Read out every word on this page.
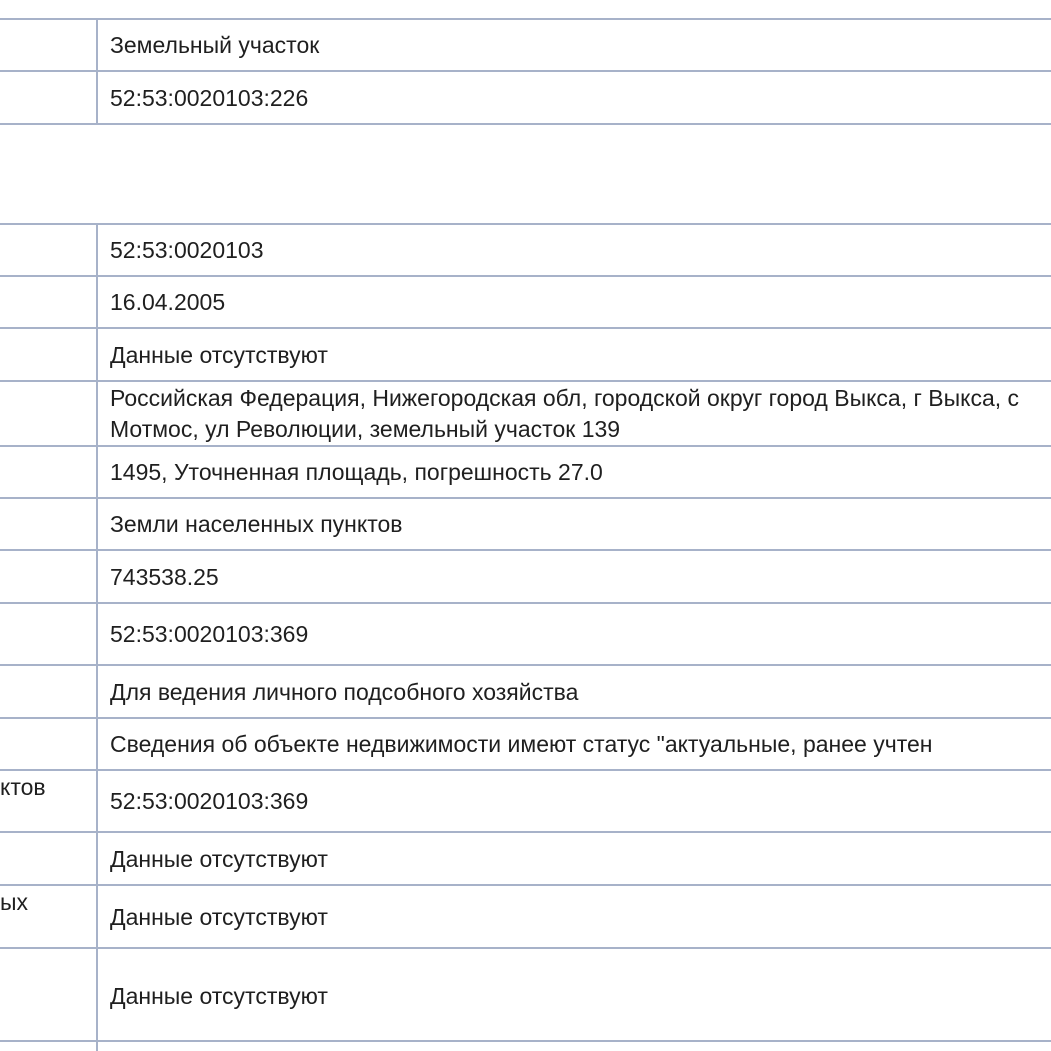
Земельный участок
52:53:0020103:226
ктов
ых
52:53:0020103
16.04.2005
Данные отсутствуют
Российская Федерация, Нижегородская обл, городской округ город Выкса, г Выкса, с Мотмос, ул Революции, земельный участок 139
1495, Уточненная площадь, погрешность 27.0
Земли населенных пунктов
743538.25
52:53:0020103:369
Для ведения личного подсобного хозяйства
Сведения об объекте недвижимости имеют статус "актуальные, ранее учтен
52:53:0020103:369
Данные отсутствуют
Данные отсутствуют
Данные отсутствуют
